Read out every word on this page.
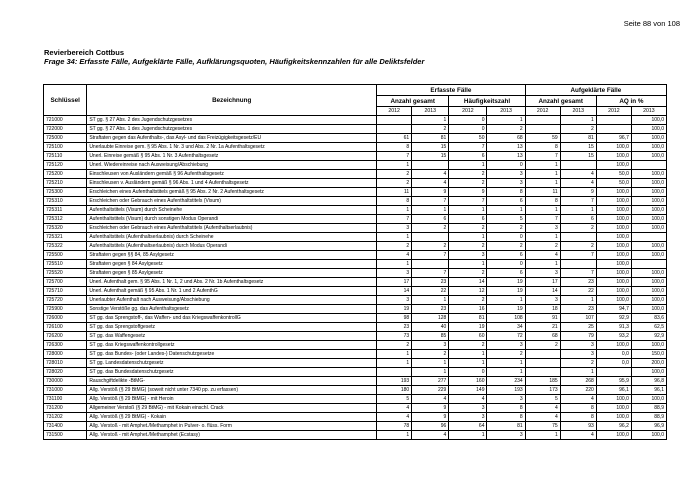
Seite 88 von 108
Revierbereich Cottbus
Frage 34: Erfasste Fälle, Aufgeklärte Fälle, Aufklärungsquoten, Häufigkeitskennzahlen für alle Deliktsfelder
Schlüssel	Bezeichnung	Erfasste Fälle				Aufgeklärte Fälle			
		Anzahl gesamt		Häufigkeitszahl		Anzahl gesamt		AQ in %	
		2012	2013	2012	2013	2012	2013	2012	2013
721000	ST gg. § 27 Abs. 2 des Jugendschutzgesetzes		1	0	1		1		100,0
722000	ST gg. § 27 Abs. 1 des Jugendschutzgesetzes		2	0	2		2		100,0
725000	Straftaten gegen das Aufenthalts-, das Asyl- und das Freizügigkeitsgesetz/EU	61	81	50	68	59	81	96,7	100,0
725100	Unerlaubte Einreise gem. § 95 Abs. 1 Nr. 3 und Abs. 2 Nr. 1a Aufenthaltsgesetz	8	15	7	13	8	15	100,0	100,0
725110	Unerl. Einreise gemäß § 95 Abs. 1 Nr. 3 Aufenthaltsgesetz	7	15	6	13	7	15	100,0	100,0
725120	Unerl. Wiedereinreise nach Ausweisung/Abschiebung	1		1	0	1		100,0	
725200	Einschleusen von Ausländern gemäß § 96 Aufenthaltsgesetz	2	4	2	3	1	4	50,0	100,0
725210	Einschleusen v. Ausländern gemäß § 96 Abs. 1 und 4 Aufenthaltsgesetz	2	4	2	3	1	4	50,0	100,0
725300	Erschleichen eines Aufenthaltstitels gemäß § 95 Abs. 2 Nr. 2 Aufenthaltsgesetz	11	9	9	8	11	9	100,0	100,0
725310	Erschleichen oder Gebrauch eines Aufenthaltstitels (Visum)	8	7	7	6	8	7	100,0	100,0
725311	Aufenthaltstitels (Visum) durch Scheinehe	1	1	1	1	1	1	100,0	100,0
725312	Aufenthaltstitels (Visum) durch sonstigen Modus Operandi	7	6	6	5	7	6	100,0	100,0
725320	Erschleichen oder Gebrauch eines Aufenthaltstitels (Aufenthaltserlaubnis)	3	2	2	2	3	2	100,0	100,0
725321	Aufenthaltstitels (Aufenthaltserlaubnis) durch Scheinehe	1		1	0	1		100,0	
725322	Aufenthaltstitels (Aufenthaltserlaubnis) durch Modus Operandi	2	2	2	2	2	2	100,0	100,0
725500	Straftaten gegen §§ 84, 85 Asylgesetz	4	7	3	6	4	7	100,0	100,0
725510	Straftaten gegen § 84 Asylgesetz	1		1	0	1		100,0	
725520	Straftaten gegen § 85 Asylgesetz	3	7	2	6	3	7	100,0	100,0
725700	Unerl. Aufenthalt gem. § 95 Abs. 1 Nr. 1, 2 und Abs. 2 Nr. 1b Aufenthaltsgesetz	17	23	14	19	17	23	100,0	100,0
725710	Unerl. Aufenthalt gemäß § 95 Abs. 1 Nr. 1 und 2 AufenthG	14	22	12	19	14	22	100,0	100,0
725720	Unerlaubter Aufenthalt nach Ausweisung/Abschiebung	3	1	2	1	3	1	100,0	100,0
725900	Sonstige Verstöße gg. das Aufenthaltsgesetz	19	23	16	19	18	23	94,7	100,0
726000	ST gg. das Sprengstoff-, das Waffen- und das KriegswaffenkontrollG	98	128	81	108	91	107	92,9	83,6
726100	ST gg. das Sprengstoffgesetz	23	40	19	34	21	25	91,3	62,5
726200	ST gg. das Waffengesetz	73	85	60	72	68	79	93,2	92,9
726300	ST gg. das Kriegswaffenkontrollgesetz	2	3	2	3	2	3	100,0	100,0
728000	ST gg. das Bundes- (oder Landes-) Datenschutzgesetze	1	2	1	2		3	0,0	150,0
728010	ST gg. Landesdatenschutzgesetz	1	1	1	1		2	0,0	200,0
728020	ST gg. das Bundesdatenschutzgesetz		1	0	1		1		100,0
730000	Rauschgiftdelikte -BtMG-	193	277	160	234	185	268	95,9	96,8
731000	Allg. Verstöß (§ 29 BtMG) (soweit nicht unter 7340 pp. zu erfassen)	180	229	149	193	173	220	96,1	96,1
731100	Allg. Verstöß (§ 29 BtMG) - mit Heroin	5	4	4	3	5	4	100,0	100,0
731200	Allgemeiner Verstoß (§ 29 BtMG) - mit Kokain einschl. Crack	4	9	3	8	4	8	100,0	88,9
731202	Allg. Verstöß (§ 29 BtMG) - Kokain	4	9	3	8	4	8	100,0	88,9
731400	Allg. Verstoß - mit Amphet./Methamphet in Pulver- o. flüss. Form	78	96	64	81	75	93	96,2	96,9
731500	Allg. Verstoß - mit Amphet./Methamphet (Ecstasy)	1	4	1	3	1	4	100,0	100,0
